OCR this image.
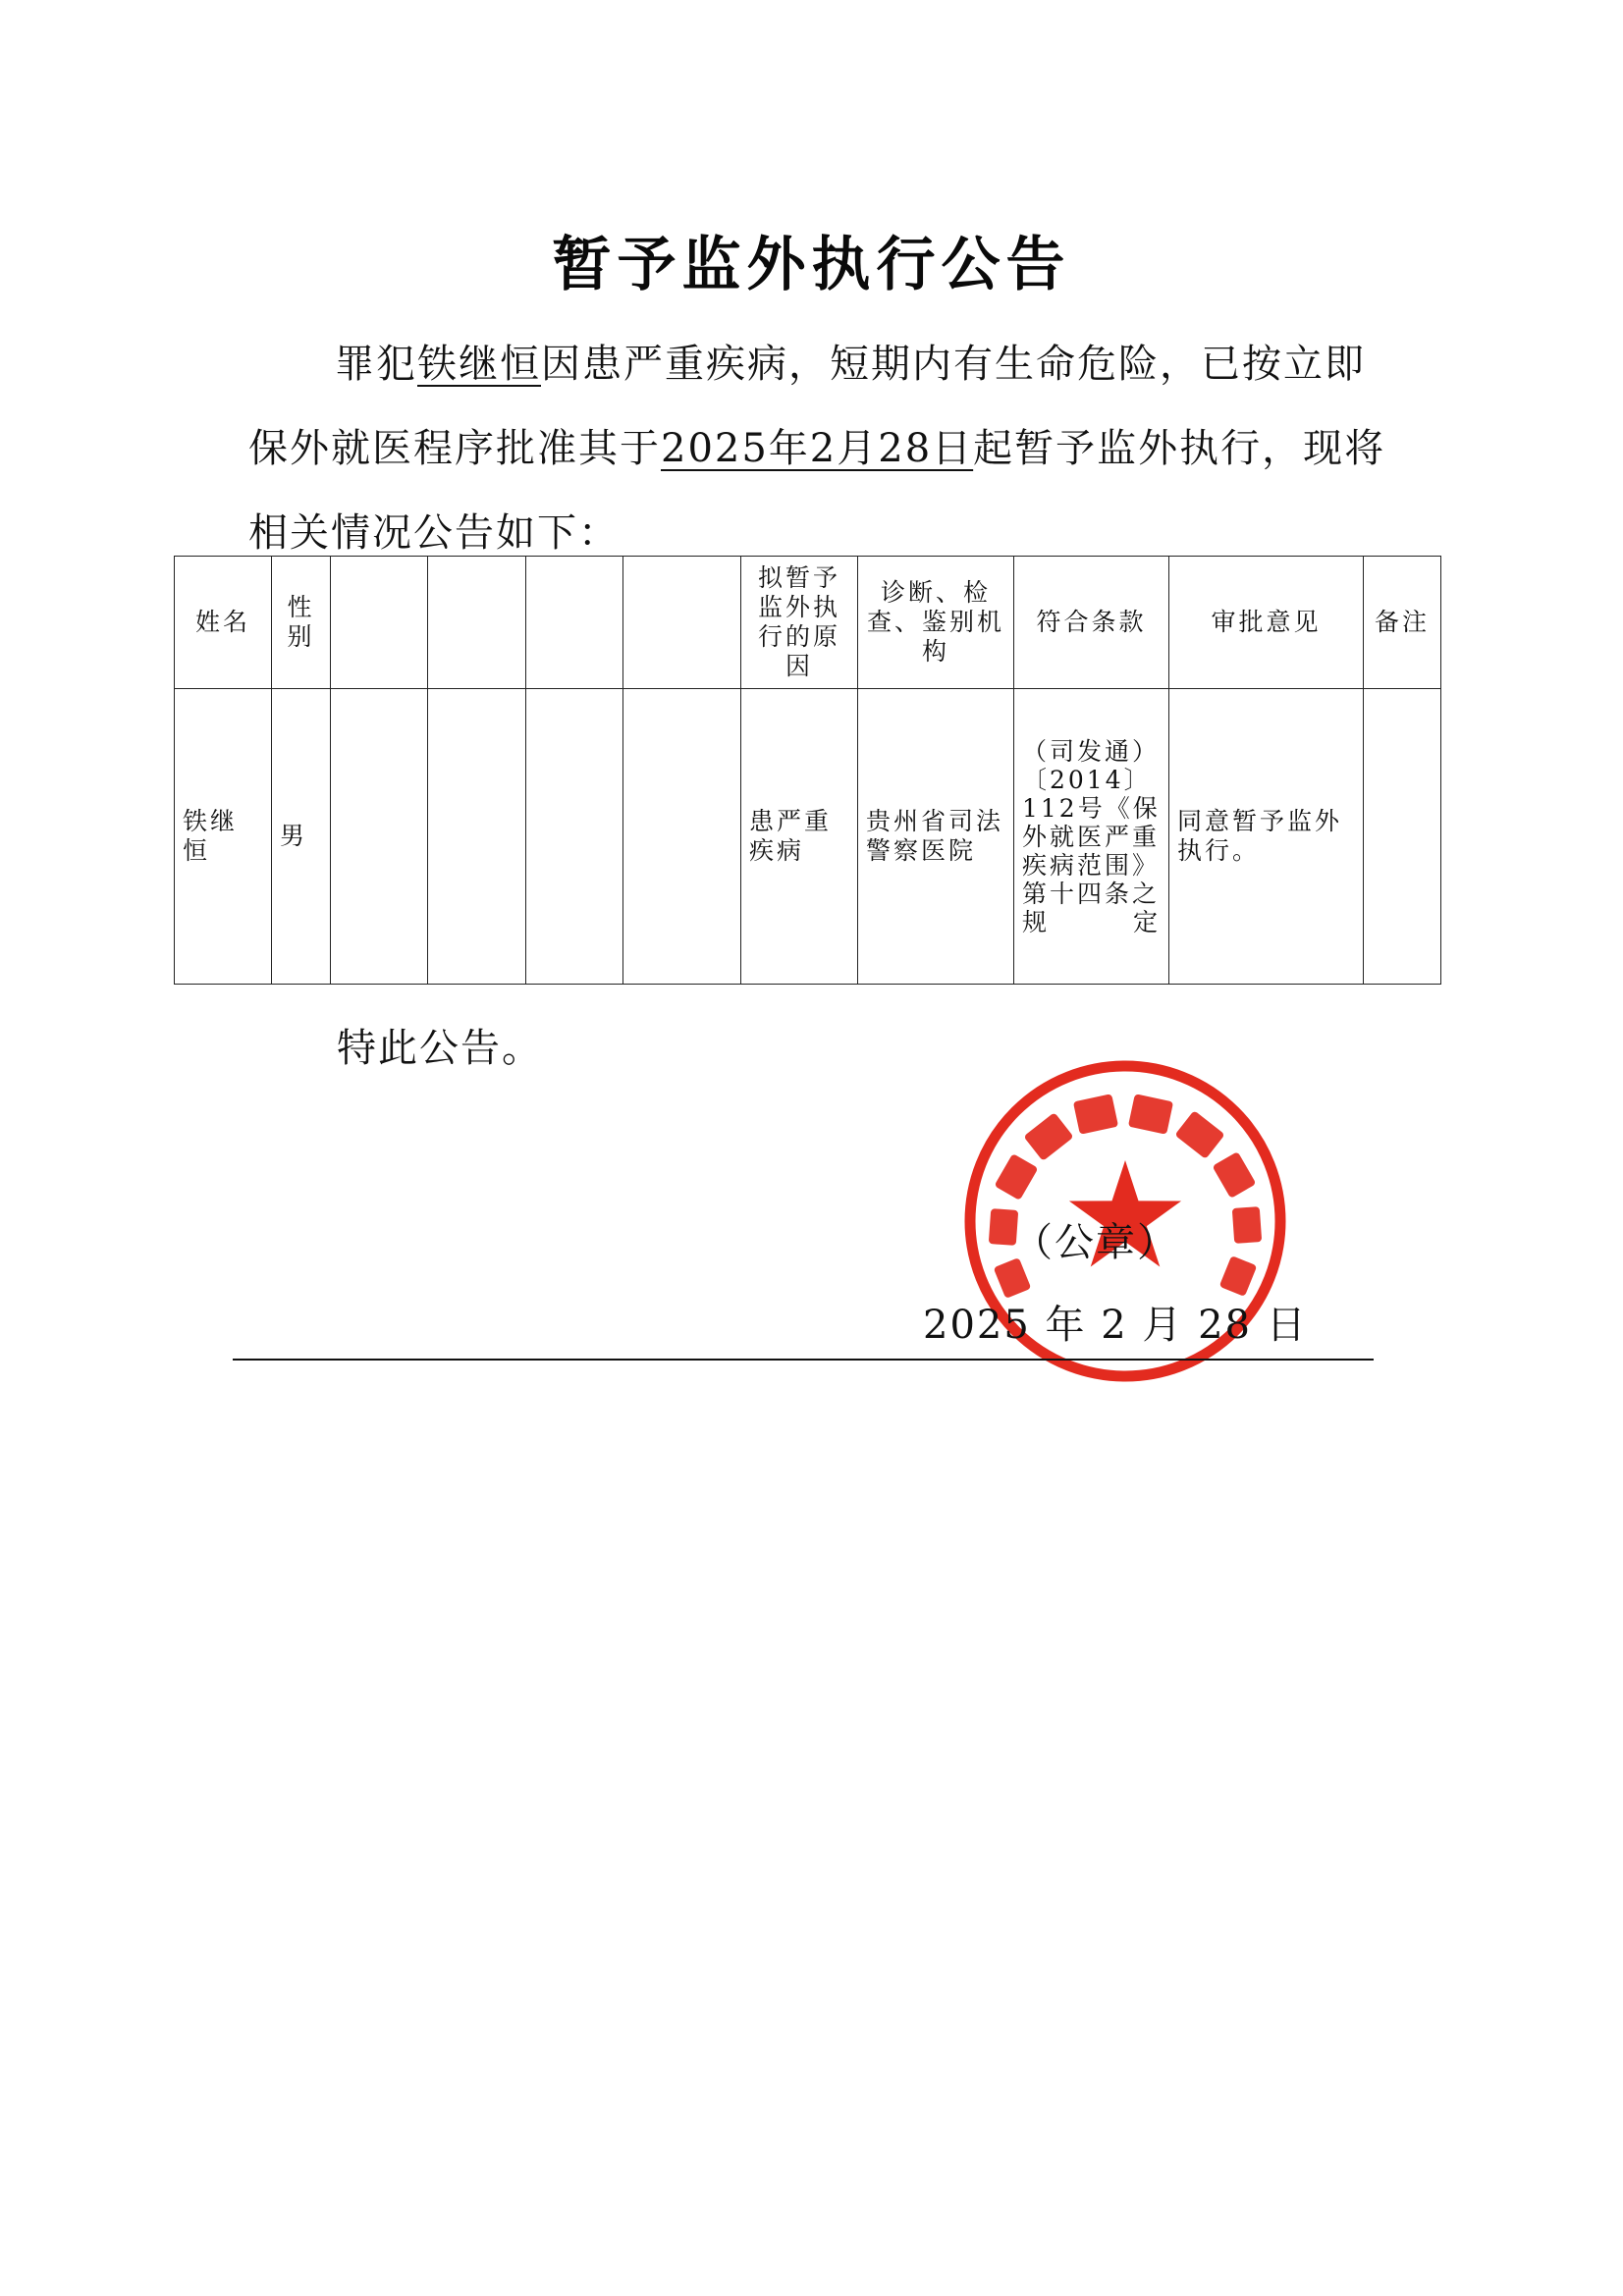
暂予监外执行公告
罪犯铁继恒因患严重疾病，短期内有生命危险，已按立即保外就医程序批准其于2025年2月28日起暂予监外执行，现将相关情况公告如下：
姓名	性别					拟暂予监外执行的原因	诊断、检查、鉴别机构	符合条款	审批意见	备注
铁继恒	男					患严重疾病	贵州省司法警察医院	（司发通）〔2014〕112号《保外就医严重疾病范围》第十四条之规定	同意暂予监外执行。	
特此公告。
（公章）
2025 年 2 月 28 日
